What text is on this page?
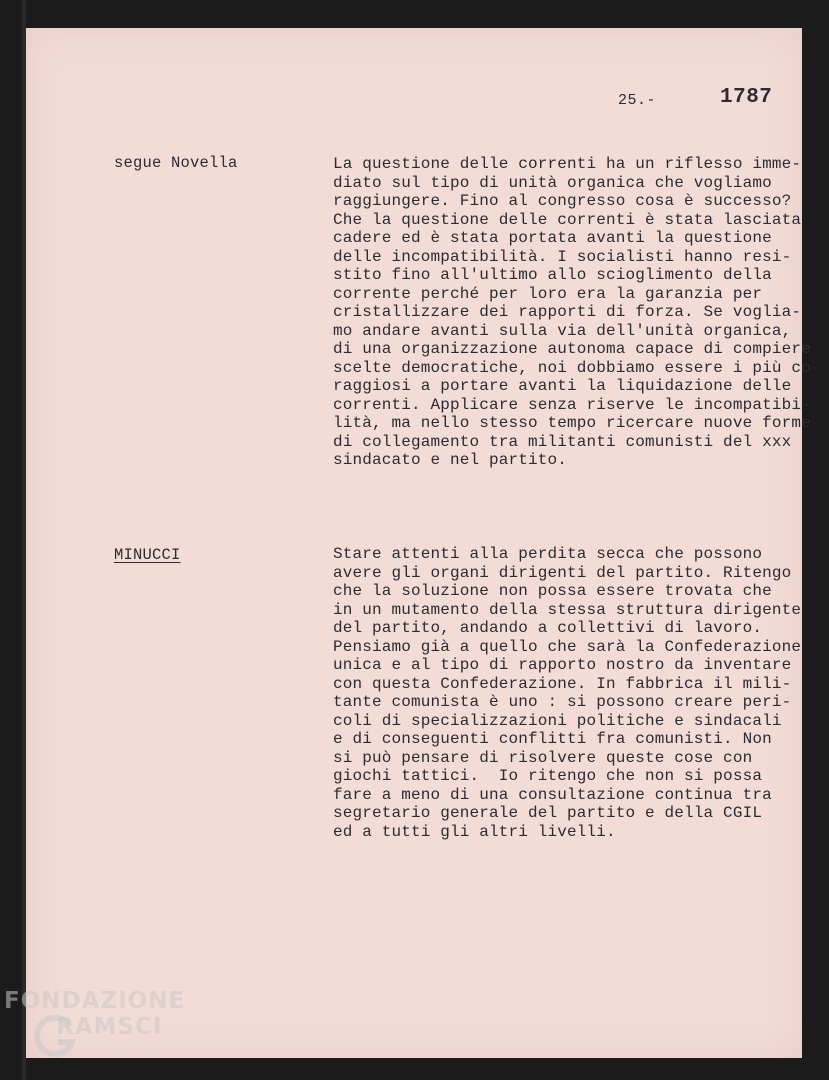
25.-	1787
segue Novella	La questione delle correnti ha un riflesso imme-
diato sul tipo di unità organica che vogliamo
raggiungere. Fino al congresso cosa è successo?
Che la questione delle correnti è stata lasciata
cadere ed è stata portata avanti la questione
delle incompatibilità. I socialisti hanno resi-
stito fino all'ultimo allo scioglimento della
corrente perché per loro era la garanzia per
cristallizzare dei rapporti di forza. Se voglia-
mo andare avanti sulla via dell'unità organica,
di una organizzazione autonoma capace di compiere
scelte democratiche, noi dobbiamo essere i più co-
raggiosi a portare avanti la liquidazione delle
correnti. Applicare senza riserve le incompatibi-
lità, ma nello stesso tempo ricercare nuove forme
di collegamento tra militanti comunisti del xxx
sindacato e nel partito.
MINUCCI	Stare attenti alla perdita secca che possono
avere gli organi dirigenti del partito. Ritengo
che la soluzione non possa essere trovata che
in un mutamento della stessa struttura dirigente
del partito, andando a collettivi di lavoro.
Pensiamo già a quello che sarà la Confederazione
unica e al tipo di rapporto nostro da inventare
con questa Confederazione. In fabbrica il mili-
tante comunista è uno : si possono creare peri-
coli di specializzazioni politiche e sindacali
e di conseguenti conflitti fra comunisti. Non
si può pensare di risolvere queste cose con
giochi tattici.  Io ritengo che non si possa
fare a meno di una consultazione continua tra
segretario generale del partito e della CGIL
ed a tutti gli altri livelli.
FONDAZIONE
RAMSCI
